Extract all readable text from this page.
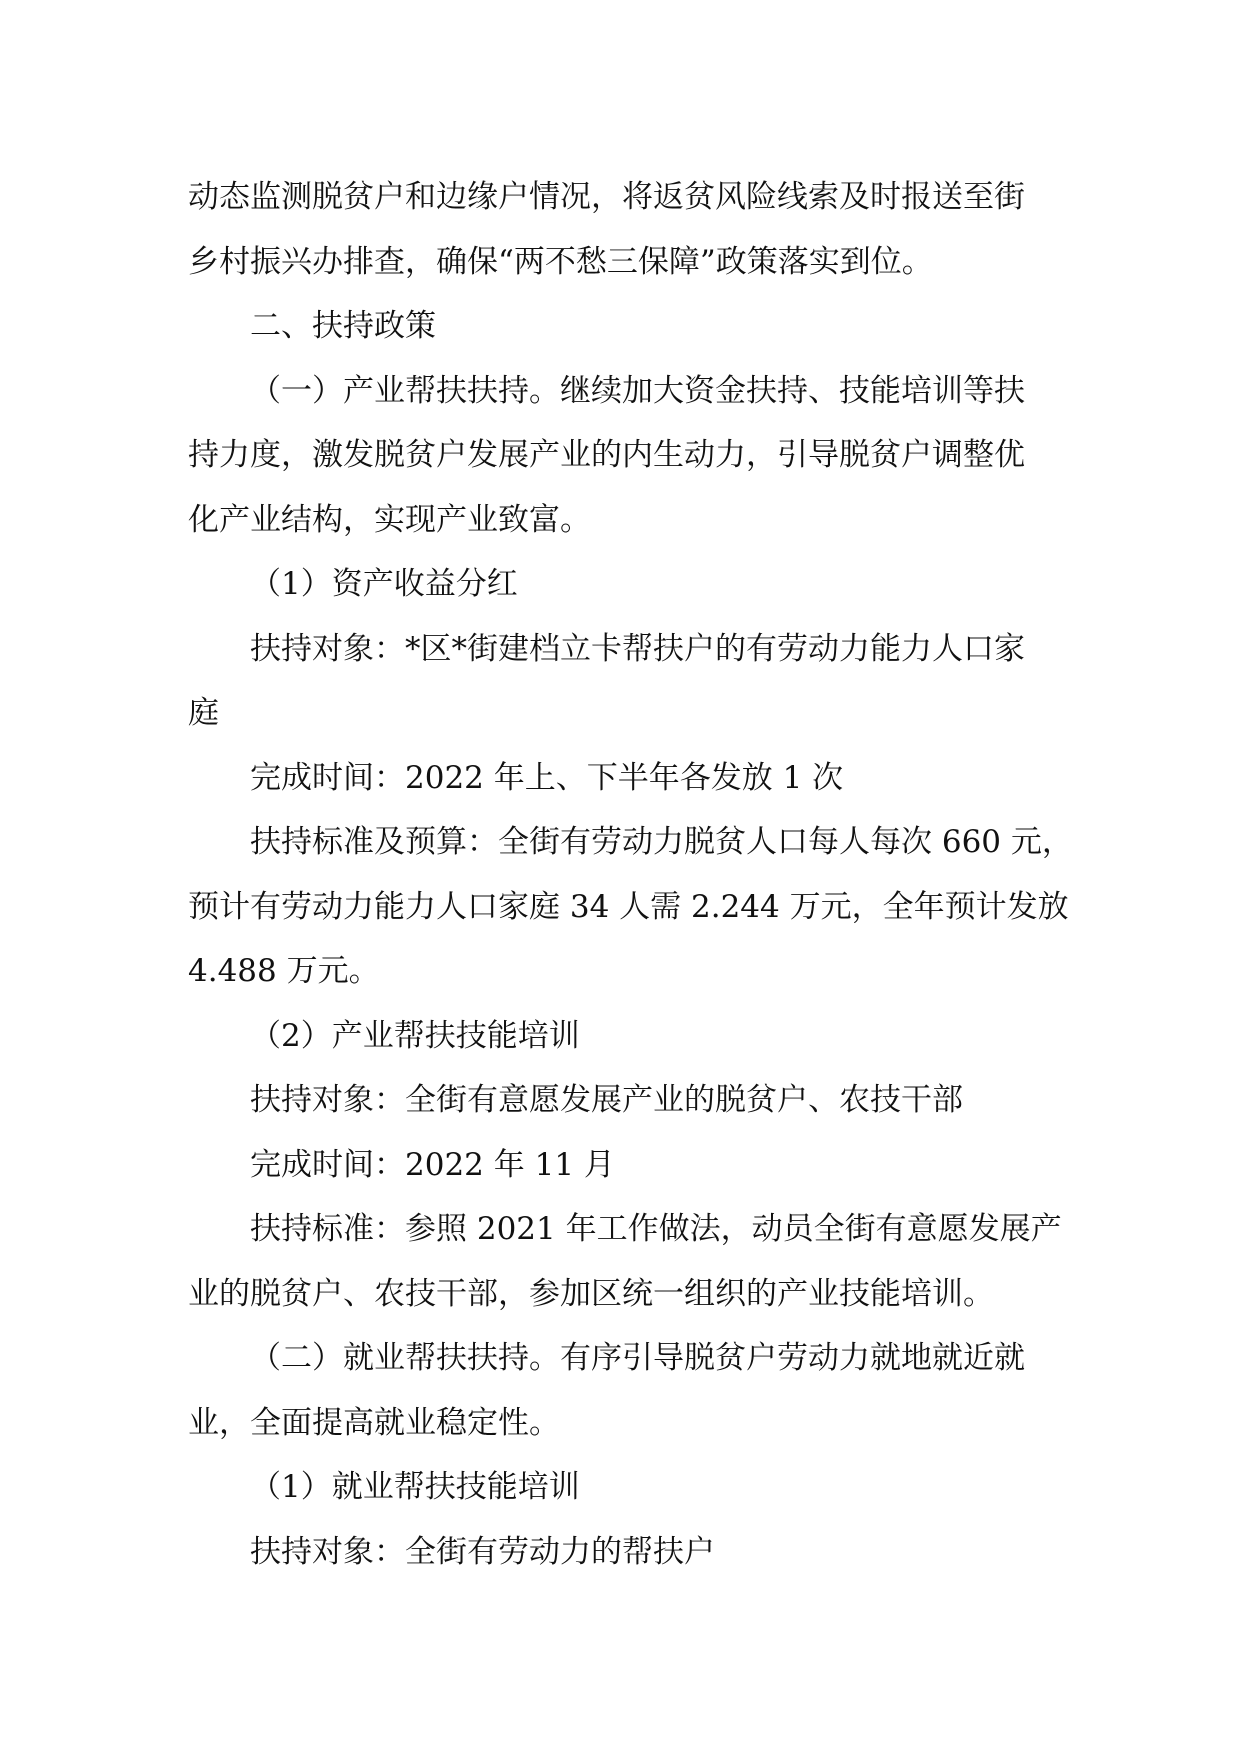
动态监测脱贫户和边缘户情况，将返贫风险线索及时报送至街
乡村振兴办排查，确保“两不愁三保障”政策落实到位。
二、扶持政策
（一）产业帮扶扶持。继续加大资金扶持、技能培训等扶
持力度，激发脱贫户发展产业的内生动力，引导脱贫户调整优
化产业结构，实现产业致富。
（1）资产收益分红
扶持对象：*区*街建档立卡帮扶户的有劳动力能力人口家
庭
完成时间：2022 年上、下半年各发放 1 次
扶持标准及预算：全街有劳动力脱贫人口每人每次 660 元，
预计有劳动力能力人口家庭 34 人需 2.244 万元，全年预计发放
4.488 万元。
（2）产业帮扶技能培训
扶持对象：全街有意愿发展产业的脱贫户、农技干部
完成时间：2022 年 11 月
扶持标准：参照 2021 年工作做法，动员全街有意愿发展产
业的脱贫户、农技干部，参加区统一组织的产业技能培训。
（二）就业帮扶扶持。有序引导脱贫户劳动力就地就近就
业，全面提高就业稳定性。
（1）就业帮扶技能培训
扶持对象：全街有劳动力的帮扶户
